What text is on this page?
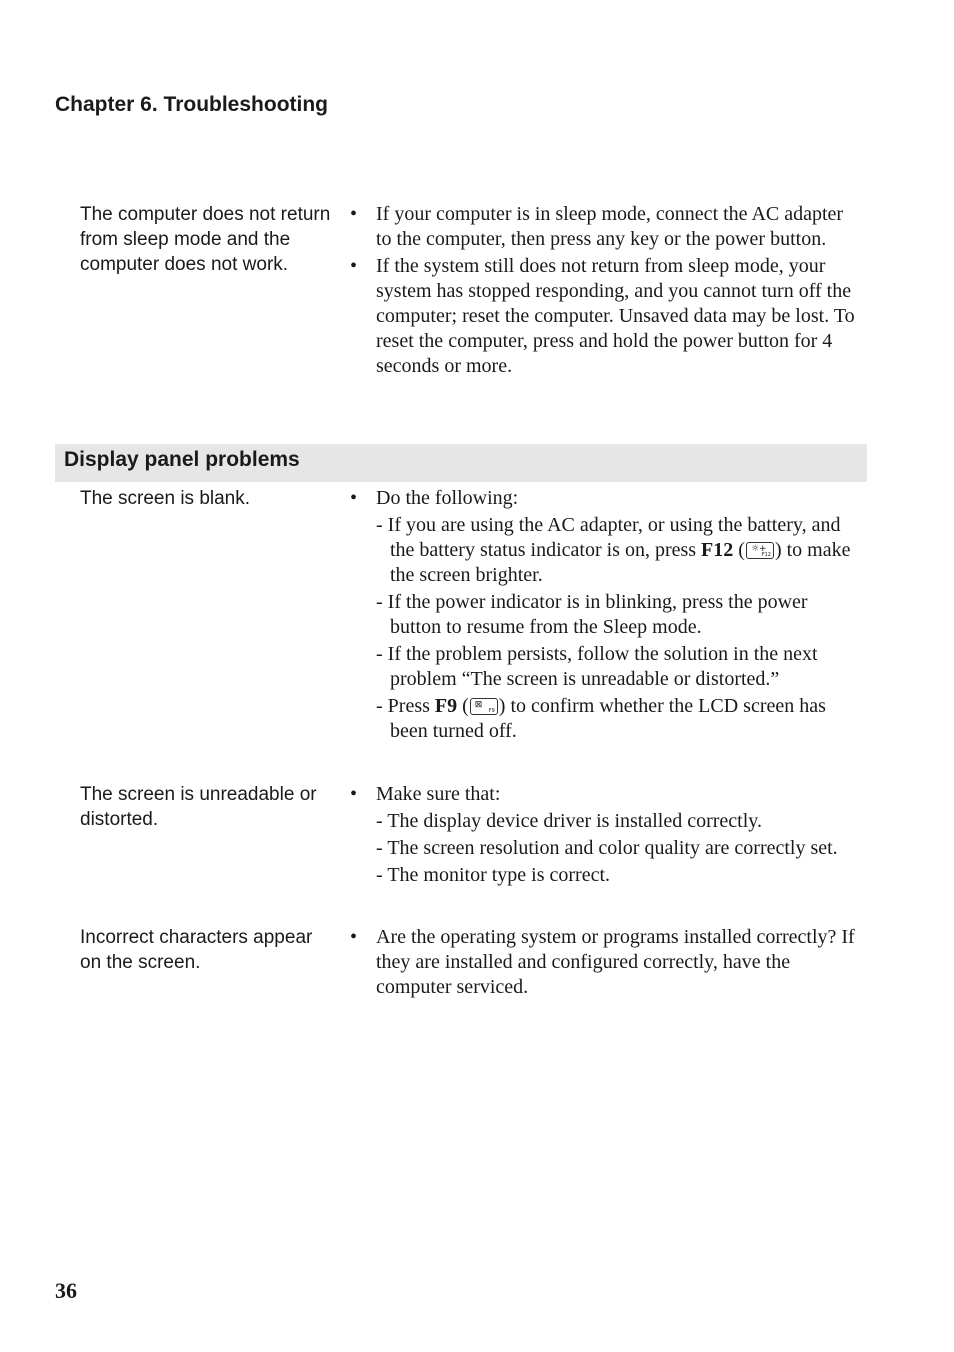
Chapter 6. Troubleshooting
The computer does not return from sleep mode and the computer does not work.
• If your computer is in sleep mode, connect the AC adapter to the computer, then press any key or the power button.
• If the system still does not return from sleep mode, your system has stopped responding, and you cannot turn off the computer; reset the computer. Unsaved data may be lost. To reset the computer, press and hold the power button for 4 seconds or more.
Display panel problems
The screen is blank.	• Do the following:
- If you are using the AC adapter, or using the battery, and the battery status indicator is on, press F12 ( ☼+
F12 ) to make the screen brighter.
- If the power indicator is in blinking, press the power button to resume from the Sleep mode.
- If the problem persists, follow the solution in the next problem “The screen is unreadable or distorted.”
- Press F9 ( ⊠
F9 ) to confirm whether the LCD screen has been turned off.
The screen is unreadable or distorted.
• Make sure that:
- The display device driver is installed correctly.
- The screen resolution and color quality are correctly set.
- The monitor type is correct.
Incorrect characters appear on the screen.
• Are the operating system or programs installed correctly? If they are installed and configured correctly, have the computer serviced.
36
